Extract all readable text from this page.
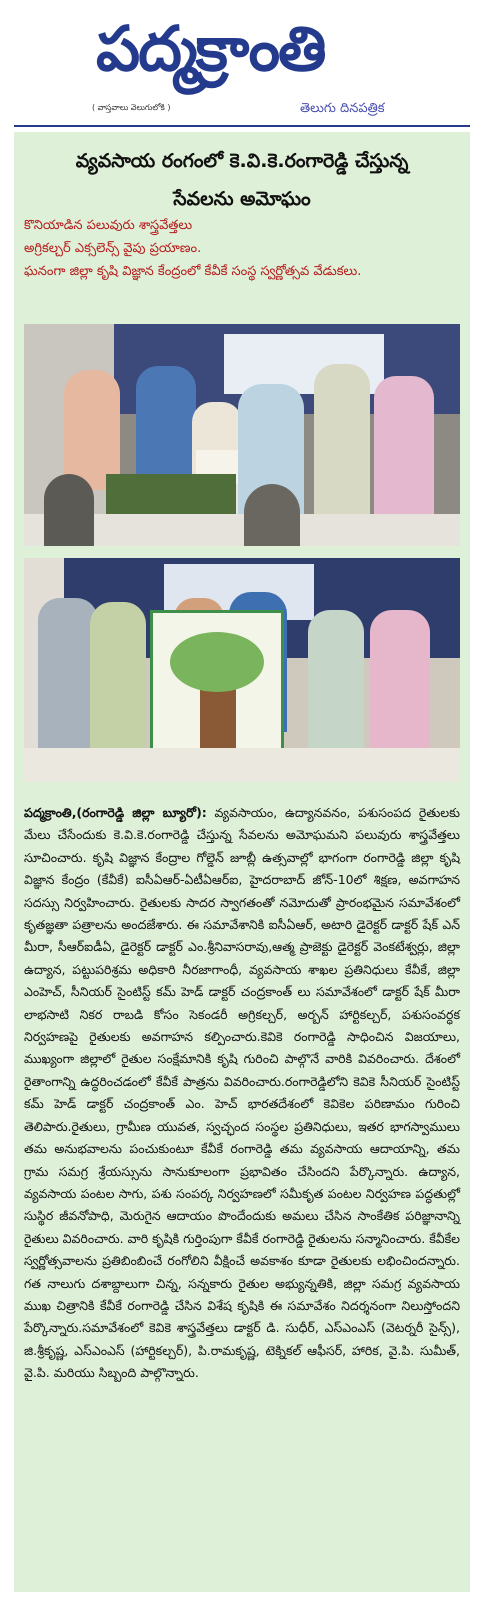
పద్మక్రాంతి
( వాస్తవాలు వెలుగులోకి )	తెలుగు దినపత్రిక
వ్యవసాయ రంగంలో కె.వి.కె.రంగారెడ్డి చేస్తున్న
సేవలను అమోఘం
కొనియాడిన పలువురు శాస్త్రవేత్తలు
అగ్రికల్చర్ ఎక్సలెన్స్ వైపు ప్రయాణం.
ఘనంగా జిల్లా కృషి విజ్ఞాన కేంద్రంలో కేవీకే సంస్థ స్వర్ణోత్సవ వేడుకలు.
పద్మక్రాంతి,(రంగారెడ్డి జిల్లా బ్యూరో): వ్యవసాయం, ఉద్యానవనం, పశుసంపద రైతులకు మేలు చేసేందుకు కె.వి.కె.రంగారెడ్డి చేస్తున్న సేవలను అమోఘమని పలువురు శాస్త్రవేత్తలు సూచించారు. కృషి విజ్ఞాన కేంద్రాల గోల్డెన్ జూబ్లీ ఉత్సవాల్లో భాగంగా రంగారెడ్డి జిల్లా కృషి విజ్ఞాన కేంద్రం (కేవీకే) ఐసీఏఆర్-ఏటీఏఆర్ఐ, హైదరాబాద్ జోన్-10లో శిక్షణ, అవగాహన సదస్సు నిర్వహించారు. రైతులకు సాదర స్వాగతంతో నమోదుతో ప్రారంభమైన సమావేశంలో కృతజ్ఞతా పత్రాలను అందజేశారు. ఈ సమావేశానికి ఐసీఏఆర్, అటారి డైరెక్టర్ డాక్టర్ షేక్ ఎన్ మీరా, సీఆర్ఐడీఏ, డైరెక్టర్ డాక్టర్ ఎం.శ్రీనివాసరావు,ఆత్మ ప్రాజెక్టు డైరెక్టర్ వెంకటేశ్వర్లు, జిల్లా ఉద్యాన, పట్టుపరిశ్రమ అధికారి నీరజాగాంధీ, వ్యవసాయ శాఖల ప్రతినిధులు కేవీకే, జిల్లా ఎంహెచ్, సీనియర్ సైంటిస్ట్ కమ్ హెడ్ డాక్టర్ చంద్రకాంత్ లు సమావేశంలో డాక్టర్ షేక్ మీరా లాభసాటి నికర రాబడి కోసం సెకండరీ అగ్రికల్చర్, అర్బన్ హార్టికల్చర్, పశుసంవర్ధక నిర్వహణపై రైతులకు అవగాహన కల్పించారు.కెవికె రంగారెడ్డి సాధించిన విజయాలు, ముఖ్యంగా జిల్లాలో రైతుల సంక్షేమానికి కృషి గురించి పాల్గొనే వారికి వివరించారు. దేశంలో రైతాంగాన్ని ఉద్ధరించడంలో కేవీకే పాత్రను వివరించారు.రంగారెడ్డిలోని కెవికె సీనియర్ సైంటిస్ట్ కమ్ హెడ్ డాక్టర్ చంద్రకాంత్ ఎం. హెచ్ భారతదేశంలో కెవికెల పరిణామం గురించి తెలిపారు.రైతులు, గ్రామీణ యువత, స్వచ్ఛంద సంస్థల ప్రతినిధులు, ఇతర భాగస్వాములు తమ అనుభవాలను పంచుకుంటూ కేవీకే రంగారెడ్డి తమ వ్యవసాయ ఆదాయాన్ని, తమ గ్రామ సమగ్ర శ్రేయస్సును సానుకూలంగా ప్రభావితం చేసిందని పేర్కొన్నారు. ఉద్యాన, వ్యవసాయ పంటల సాగు, పశు సంపర్క నిర్వహణలో సమీకృత పంటల నిర్వహణ పద్ధతుల్లో సుస్థిర జీవనోపాధి, మెరుగైన ఆదాయం పొందేందుకు అమలు చేసిన సాంకేతిక పరిజ్ఞానాన్ని రైతులు వివరించారు. వారి కృషికి గుర్తింపుగా కేవీకే రంగారెడ్డి రైతులను సన్మానించారు. కేవీకేల స్వర్ణోత్సవాలను ప్రతిబింబించే రంగోలిని వీక్షించే అవకాశం కూడా రైతులకు లభించిందన్నారు. గత నాలుగు దశాబ్దాలుగా చిన్న, సన్నకారు రైతుల అభ్యున్నతికి, జిల్లా సమగ్ర వ్యవసాయ ముఖ చిత్రానికి కేవీకే రంగారెడ్డి చేసిన విశేష కృషికి ఈ సమావేశం నిదర్శనంగా నిలుస్తోందని పేర్కొన్నారు.సమావేశంలో కెవికె శాస్త్రవేత్తలు డాక్టర్ డి. సుధీర్, ఎస్ఎంఎస్ (వెటర్నరీ సైన్స్), జి.శ్రీకృష్ణ, ఎస్ఎంఎస్ (హార్టికల్చర్), పి.రామకృష్ణ, టెక్నికల్ ఆఫీసర్, హారిక, వై.పి. సుమీత్, వై.పి. మరియు సిబ్బంది పాల్గొన్నారు.
